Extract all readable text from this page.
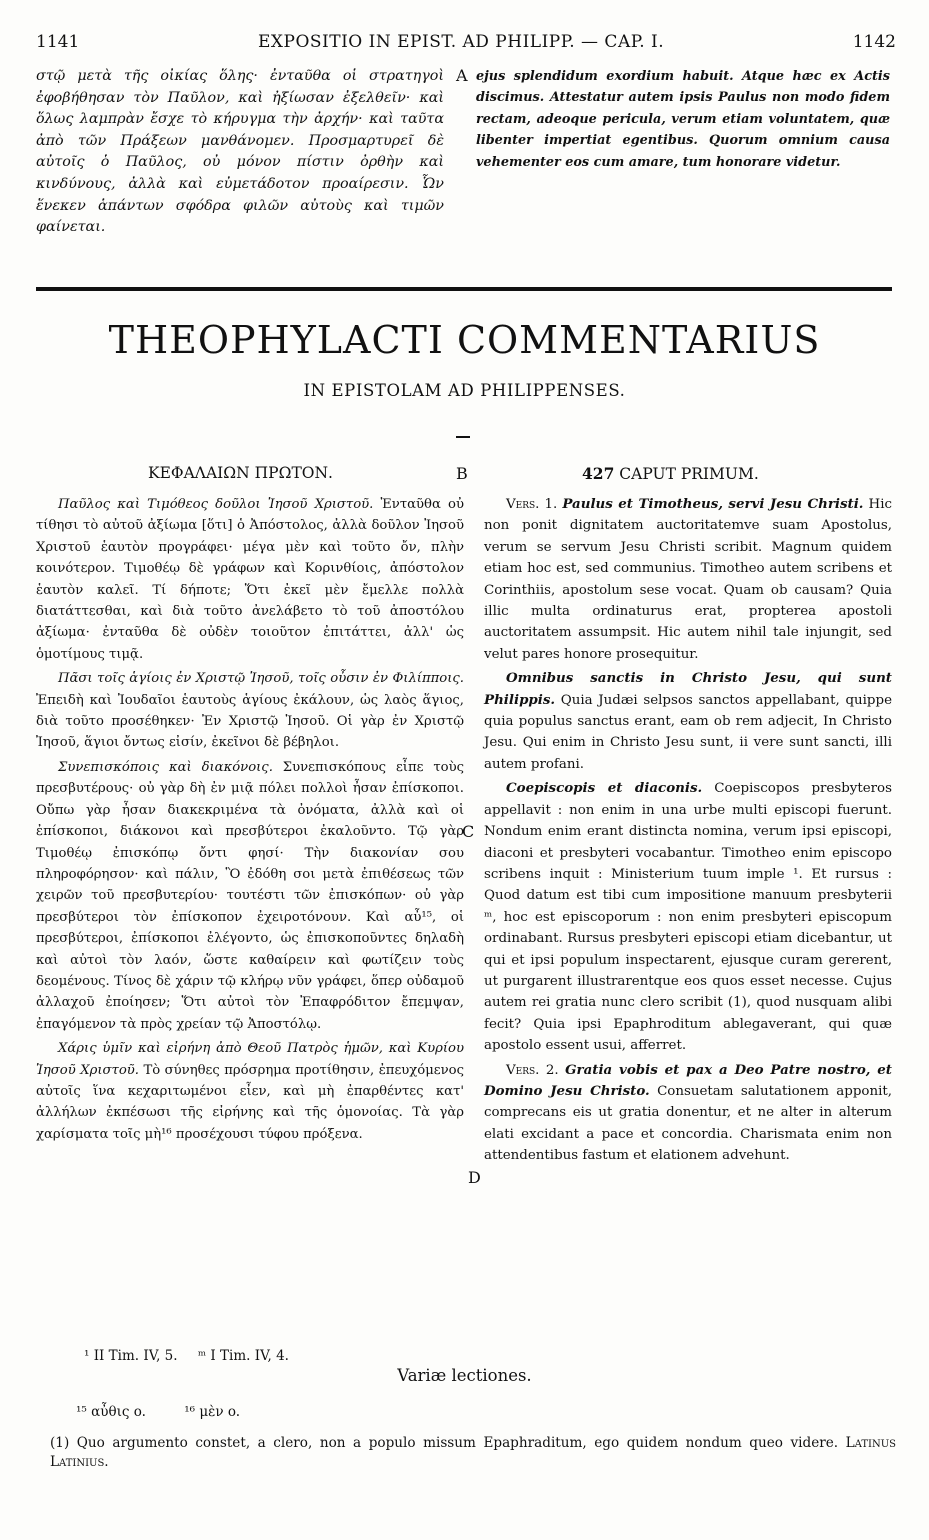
1141	EXPOSITIO IN EPIST. AD PHILIPP. — CAP. I.	1142
στῷ μετὰ τῆς οἰκίας ὅλης· ἐνταῦθα οἱ στρατηγοὶ ἐφοβήθησαν τὸν Παῦλον, καὶ ἠξίωσαν ἐξελθεῖν· καὶ ὅλως λαμπρὰν ἔσχε τὸ κήρυγμα τὴν ἀρχήν· καὶ ταῦτα ἀπὸ τῶν Πράξεων μανθάνομεν. Προσμαρτυρεῖ δὲ αὐτοῖς ὁ Παῦλος, οὐ μόνον πίστιν ὀρθὴν καὶ κινδύνους, ἀλλὰ καὶ εὐμετάδοτον προαίρεσιν. Ὧν ἕνεκεν ἁπάντων σφόδρα φιλῶν αὐτοὺς καὶ τιμῶν φαίνεται.
A ejus splendidum exordium habuit. Atque hæc ex Actis discimus. Attestatur autem ipsis Paulus non modo fidem rectam, adeoque pericula, verum etiam voluntatem, quæ libenter impertiat egentibus. Quorum omnium causa vehementer eos cum amare, tum honorare videtur.
THEOPHYLACTI COMMENTARIUS
IN EPISTOLAM AD PHILIPPENSES.
ΚΕΦΑΛΑΙΩΝ ΠΡΩΤΟΝ.	B	427 CAPUT PRIMUM.

Παῦλος καὶ Τιμόθεος δοῦλοι Ἰησοῦ Χριστοῦ. Ἐνταῦθα οὐ τίθησι τὸ αὐτοῦ ἀξίωμα [ὅτι] ὁ Ἀπόστολος, ἀλλὰ δοῦλον Ἰησοῦ Χριστοῦ ἑαυτὸν προγράφει· μέγα μὲν καὶ τοῦτο ὄν, πλὴν κοινότερον. Τιμοθέῳ δὲ γράφων καὶ Κορινθίοις, ἀπόστολον ἑαυτὸν καλεῖ. Τί δήποτε; Ὅτι ἐκεῖ μὲν ἔμελλε πολλὰ διατάττεσθαι, καὶ διὰ τοῦτο ἀνελάβετο τὸ τοῦ ἀποστόλου ἀξίωμα· ἐνταῦθα δὲ οὐδὲν τοιοῦτον ἐπιτάττει, ἀλλ' ὡς ὁμοτίμους τιμᾷ.

Πᾶσι τοῖς ἁγίοις ἐν Χριστῷ Ἰησοῦ, τοῖς οὖσιν ἐν Φιλίπποις. Ἐπειδὴ καὶ Ἰουδαῖοι ἑαυτοὺς ἁγίους ἐκάλουν, ὡς λαὸς ἅγιος, διὰ τοῦτο προσέθηκεν· Ἐν Χριστῷ Ἰησοῦ. Οἱ γὰρ ἐν Χριστῷ Ἰησοῦ, ἅγιοι ὄντως εἰσίν, ἐκεῖνοι δὲ βέβηλοι.

Συνεπισκόποις καὶ διακόνοις. Συνεπισκόπους εἶπε τοὺς πρεσβυτέρους· οὐ γὰρ δὴ ἐν μιᾷ πόλει πολλοὶ ἦσαν ἐπίσκοποι. Οὔπω γὰρ ἦσαν διακεκριμένα τὰ ὀνόματα, ἀλλὰ καὶ οἱ ἐπίσκοποι, διάκονοι καὶ πρεσβύτεροι ἐκαλοῦντο. Τῷ γὰρ Τιμοθέῳ ἐπισκόπῳ ὄντι φησί· Τὴν διακονίαν σου πληροφόρησον· καὶ πάλιν, Ὃ ἐδόθη σοι μετὰ ἐπιθέσεως τῶν χειρῶν τοῦ πρεσβυτερίου· τουτέστι τῶν ἐπισκόπων· οὐ γὰρ πρεσβύτεροι τὸν ἐπίσκοπον ἐχειροτόνουν. Καὶ αὖ¹⁵, οἱ πρεσβύτεροι, ἐπίσκοποι ἐλέγοντο, ὡς ἐπισκοποῦντες δηλαδὴ καὶ αὐτοὶ τὸν λαόν, ὥστε καθαίρειν καὶ φωτίζειν τοὺς δεομένους. Τίνος δὲ χάριν τῷ κλήρῳ νῦν γράφει, ὅπερ οὐδαμοῦ ἀλλαχοῦ ἐποίησεν; Ὅτι αὐτοὶ τὸν Ἐπαφρόδιτον ἔπεμψαν, ἐπαγόμενον τὰ πρὸς χρείαν τῷ Ἀποστόλῳ.

Χάρις ὑμῖν καὶ εἰρήνη ἀπὸ Θεοῦ Πατρὸς ἡμῶν, καὶ Κυρίου Ἰησοῦ Χριστοῦ. Τὸ σύνηθες πρόσρημα προτίθησιν, ἐπευχόμενος αὐτοῖς ἵνα κεχαριτωμένοι εἶεν, καὶ μὴ ἐπαρθέντες κατ' ἀλλήλων ἐκπέσωσι τῆς εἰρήνης καὶ τῆς ὁμονοίας. Τὰ γὰρ χαρίσματα τοῖς μὴ¹⁶ προσέχουσι τύφου πρόξενα.

C
D

Vers. 1. Paulus et Timotheus, servi Jesu Christi. Hic non ponit dignitatem auctoritatemve suam Apostolus, verum se servum Jesu Christi scribit. Magnum quidem etiam hoc est, sed communius. Timotheo autem scribens et Corinthiis, apostolum sese vocat. Quam ob causam? Quia illic multa ordinaturus erat, propterea apostoli auctoritatem assumpsit. Hic autem nihil tale injungit, sed velut pares honore prosequitur.

Omnibus sanctis in Christo Jesu, qui sunt Philippis. Quia Judæi selpsos sanctos appellabant, quippe quia populus sanctus erant, eam ob rem adjecit, In Christo Jesu. Qui enim in Christo Jesu sunt, ii vere sunt sancti, illi autem profani.

Coepiscopis et diaconis. Coepiscopos presbyteros appellavit : non enim in una urbe multi episcopi fuerunt. Nondum enim erant distincta nomina, verum ipsi episcopi, diaconi et presbyteri vocabantur. Timotheo enim episcopo scribens inquit : Ministerium tuum imple ¹. Et rursus : Quod datum est tibi cum impositione manuum presbyterii ᵐ, hoc est episcoporum : non enim presbyteri episcopum ordinabant. Rursus presbyteri episcopi etiam dicebantur, ut qui et ipsi populum inspectarent, ejusque curam gererent, ut purgarent illustrarentque eos quos esset necesse. Cujus autem rei gratia nunc clero scribit (1), quod nusquam alibi fecit? Quia ipsi Epaphroditum ablegaverant, qui quæ apostolo essent usui, afferret.

Vers. 2. Gratia vobis et pax a Deo Patre nostro, et Domino Jesu Christo. Consuetam salutationem apponit, comprecans eis ut gratia donentur, et ne alter in alterum elati excidant a pace et concordia. Charismata enim non attendentibus fastum et elationem advehunt.

¹ II Tim. IV, 5. ᵐ I Tim. IV, 4.
Variæ lectiones.
¹⁵ αὖθις o.	¹⁶ μὲν o.
(1) Quo argumento constet, a clero, non a populo missum Epaphraditum, ego quidem nondum queo videre. Latinus Latinius.
